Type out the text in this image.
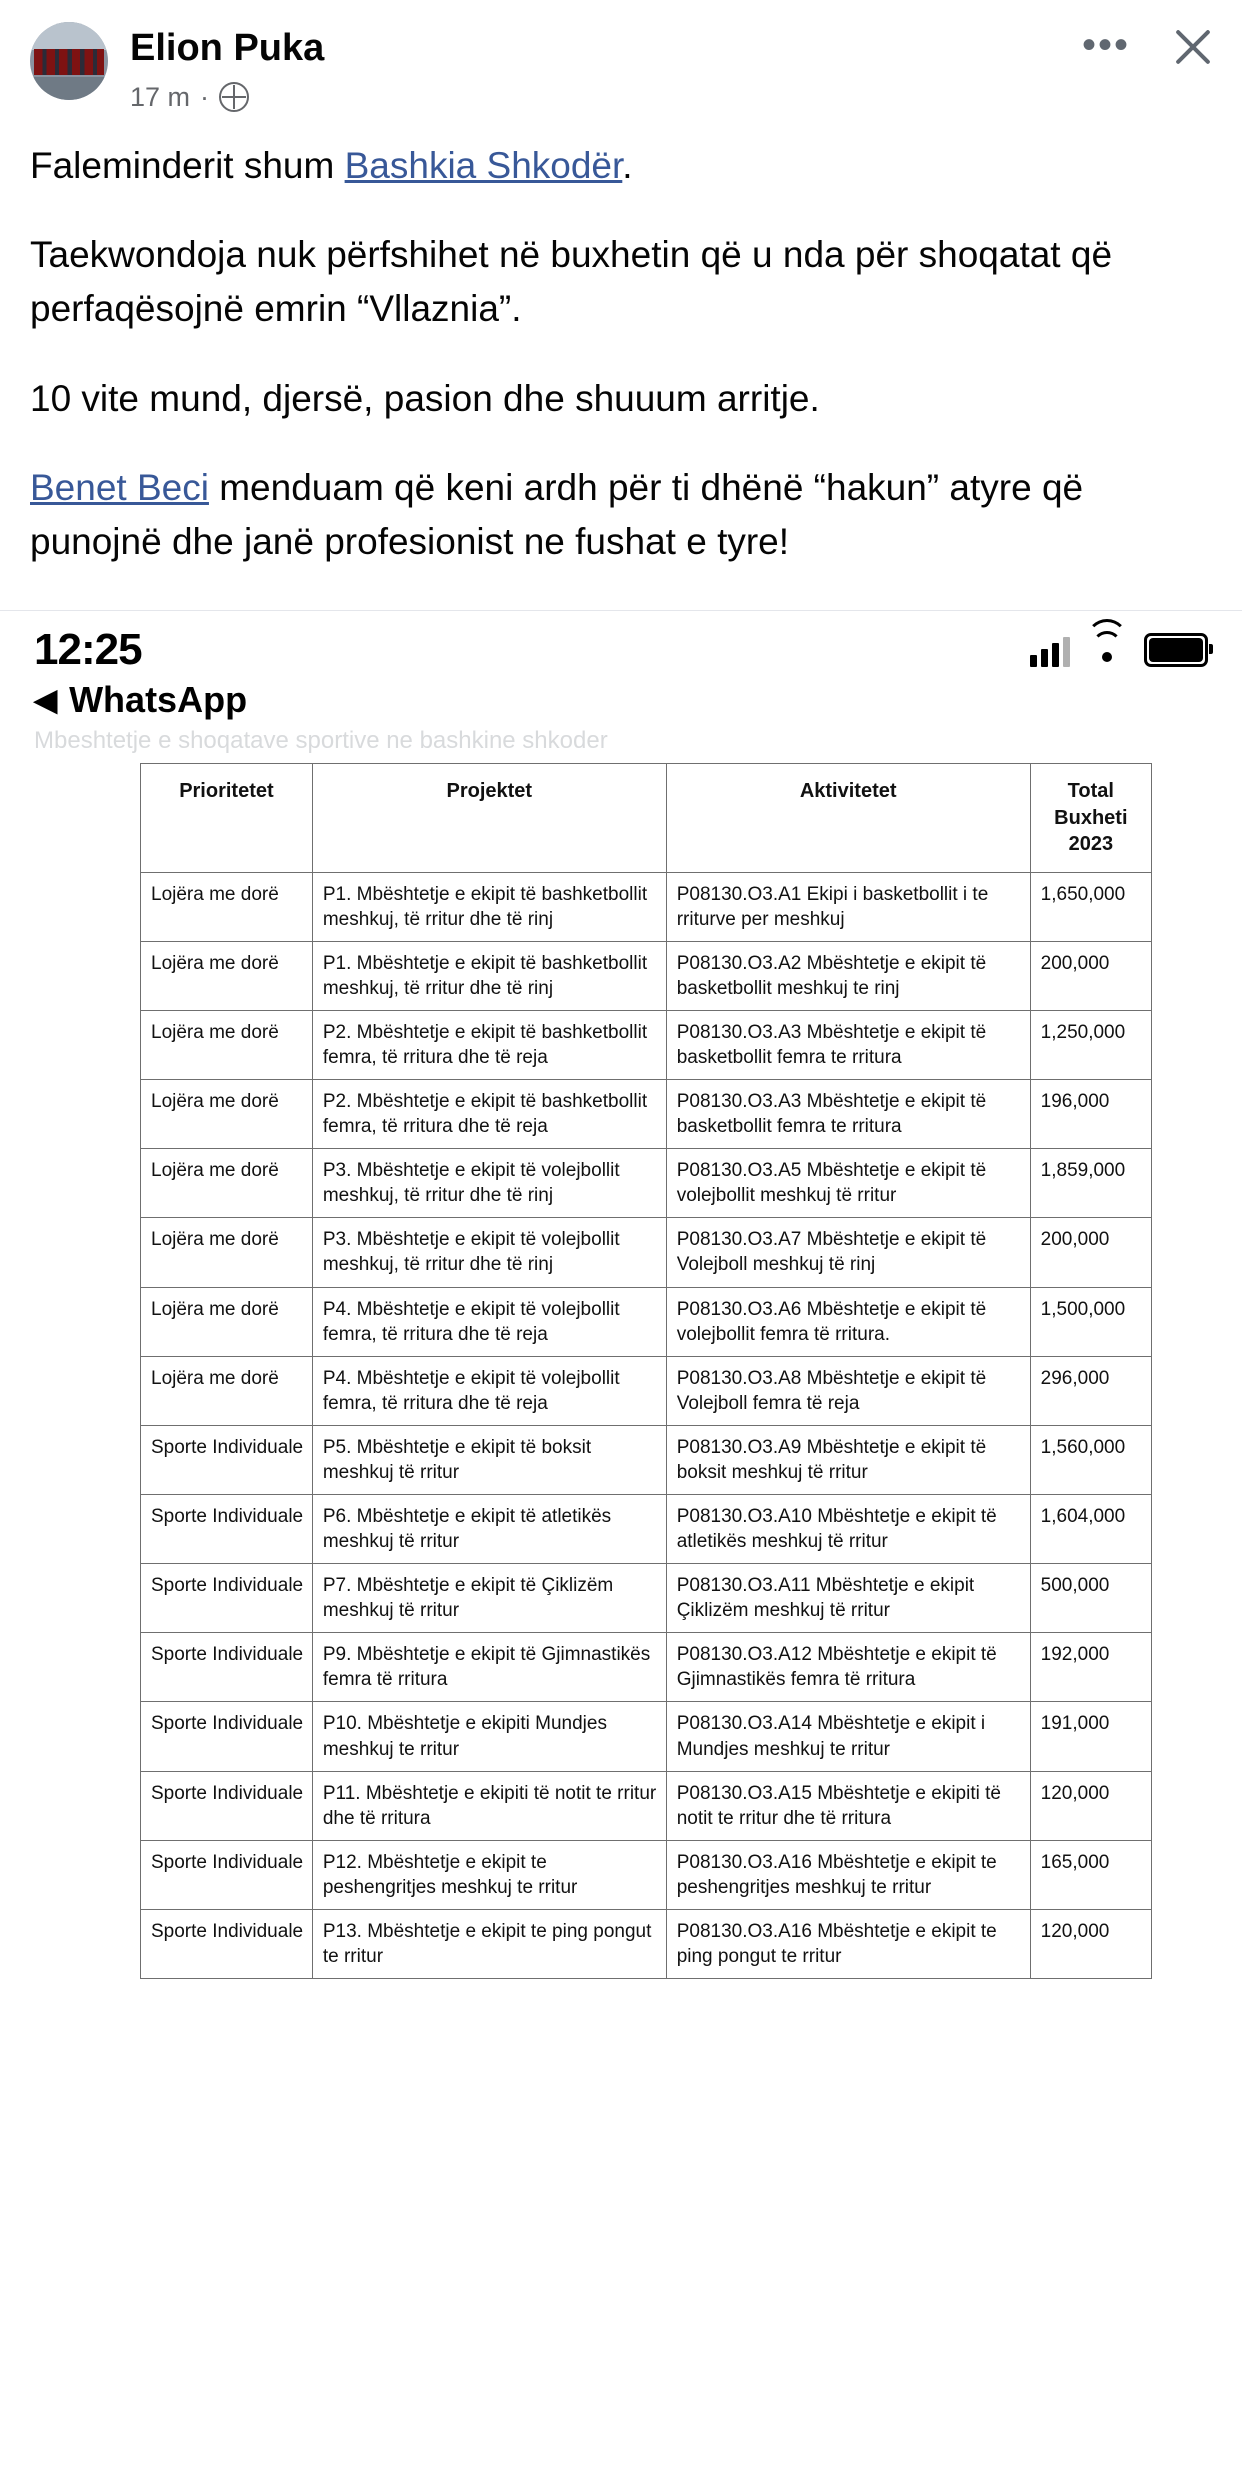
Elion Puka
17 m ·
•••

Faleminderit shum Bashkia Shkodër.

Taekwondoja nuk përfshihet në buxhetin që u nda për shoqatat që perfaqësojnë emrin “Vllaznia”.

10 vite mund, djersë, pasion dhe shuuum arritje.

Benet Beci menduam që keni ardh për ti dhënë “hakun” atyre që punojnë dhe janë profesionist ne fushat e tyre!

12:25
◀ WhatsApp
Mbeshtetje e shoqatave sportive ne bashkine shkoder
Prioritetet	Projektet	Aktivitetet	Total Buxheti 2023
Lojëra me dorë	P1. Mbështetje e ekipit të bashketbollit meshkuj, të rritur dhe të rinj	P08130.O3.A1 Ekipi i basketbollit i te rriturve per meshkuj	1,650,000
Lojëra me dorë	P1. Mbështetje e ekipit të bashketbollit meshkuj, të rritur dhe të rinj	P08130.O3.A2 Mbështetje e ekipit të basketbollit meshkuj te rinj	200,000
Lojëra me dorë	P2. Mbështetje e ekipit të bashketbollit femra, të rritura dhe të reja	P08130.O3.A3 Mbështetje e ekipit të basketbollit femra te rritura	1,250,000
Lojëra me dorë	P2. Mbështetje e ekipit të bashketbollit femra, të rritura dhe të reja	P08130.O3.A3 Mbështetje e ekipit të basketbollit femra te rritura	196,000
Lojëra me dorë	P3. Mbështetje e ekipit të volejbollit meshkuj, të rritur dhe të rinj	P08130.O3.A5 Mbështetje e ekipit të volejbollit meshkuj të rritur	1,859,000
Lojëra me dorë	P3. Mbështetje e ekipit të volejbollit meshkuj, të rritur dhe të rinj	P08130.O3.A7 Mbështetje e ekipit të Volejboll meshkuj të rinj	200,000
Lojëra me dorë	P4. Mbështetje e ekipit të volejbollit femra, të rritura dhe të reja	P08130.O3.A6 Mbështetje e ekipit të volejbollit femra të rritura.	1,500,000
Lojëra me dorë	P4. Mbështetje e ekipit të volejbollit femra, të rritura dhe të reja	P08130.O3.A8 Mbështetje e ekipit të Volejboll femra të reja	296,000
Sporte Individuale	P5. Mbështetje e ekipit të boksit meshkuj të rritur	P08130.O3.A9 Mbështetje e ekipit të boksit meshkuj të rritur	1,560,000
Sporte Individuale	P6. Mbështetje e ekipit të atletikës meshkuj të rritur	P08130.O3.A10 Mbështetje e ekipit të atletikës meshkuj të rritur	1,604,000
Sporte Individuale	P7. Mbështetje e ekipit të Çiklizëm meshkuj të rritur	P08130.O3.A11 Mbështetje e ekipit Çiklizëm meshkuj të rritur	500,000
Sporte Individuale	P9. Mbështetje e ekipit të Gjimnastikës femra të rritura	P08130.O3.A12 Mbështetje e ekipit të Gjimnastikës femra të rritura	192,000
Sporte Individuale	P10. Mbështetje e ekipiti Mundjes meshkuj te rritur	P08130.O3.A14 Mbështetje e ekipit i Mundjes meshkuj te rritur	191,000
Sporte Individuale	P11. Mbështetje e ekipiti të notit te rritur dhe të rritura	P08130.O3.A15 Mbështetje e ekipiti të notit te rritur dhe të rritura	120,000
Sporte Individuale	P12. Mbështetje e ekipit te peshengritjes meshkuj te rritur	P08130.O3.A16 Mbështetje e ekipit te peshengritjes meshkuj te rritur	165,000
Sporte Individuale	P13. Mbështetje e ekipit te ping pongut te rritur	P08130.O3.A16 Mbështetje e ekipit te ping pongut te rritur	120,000
